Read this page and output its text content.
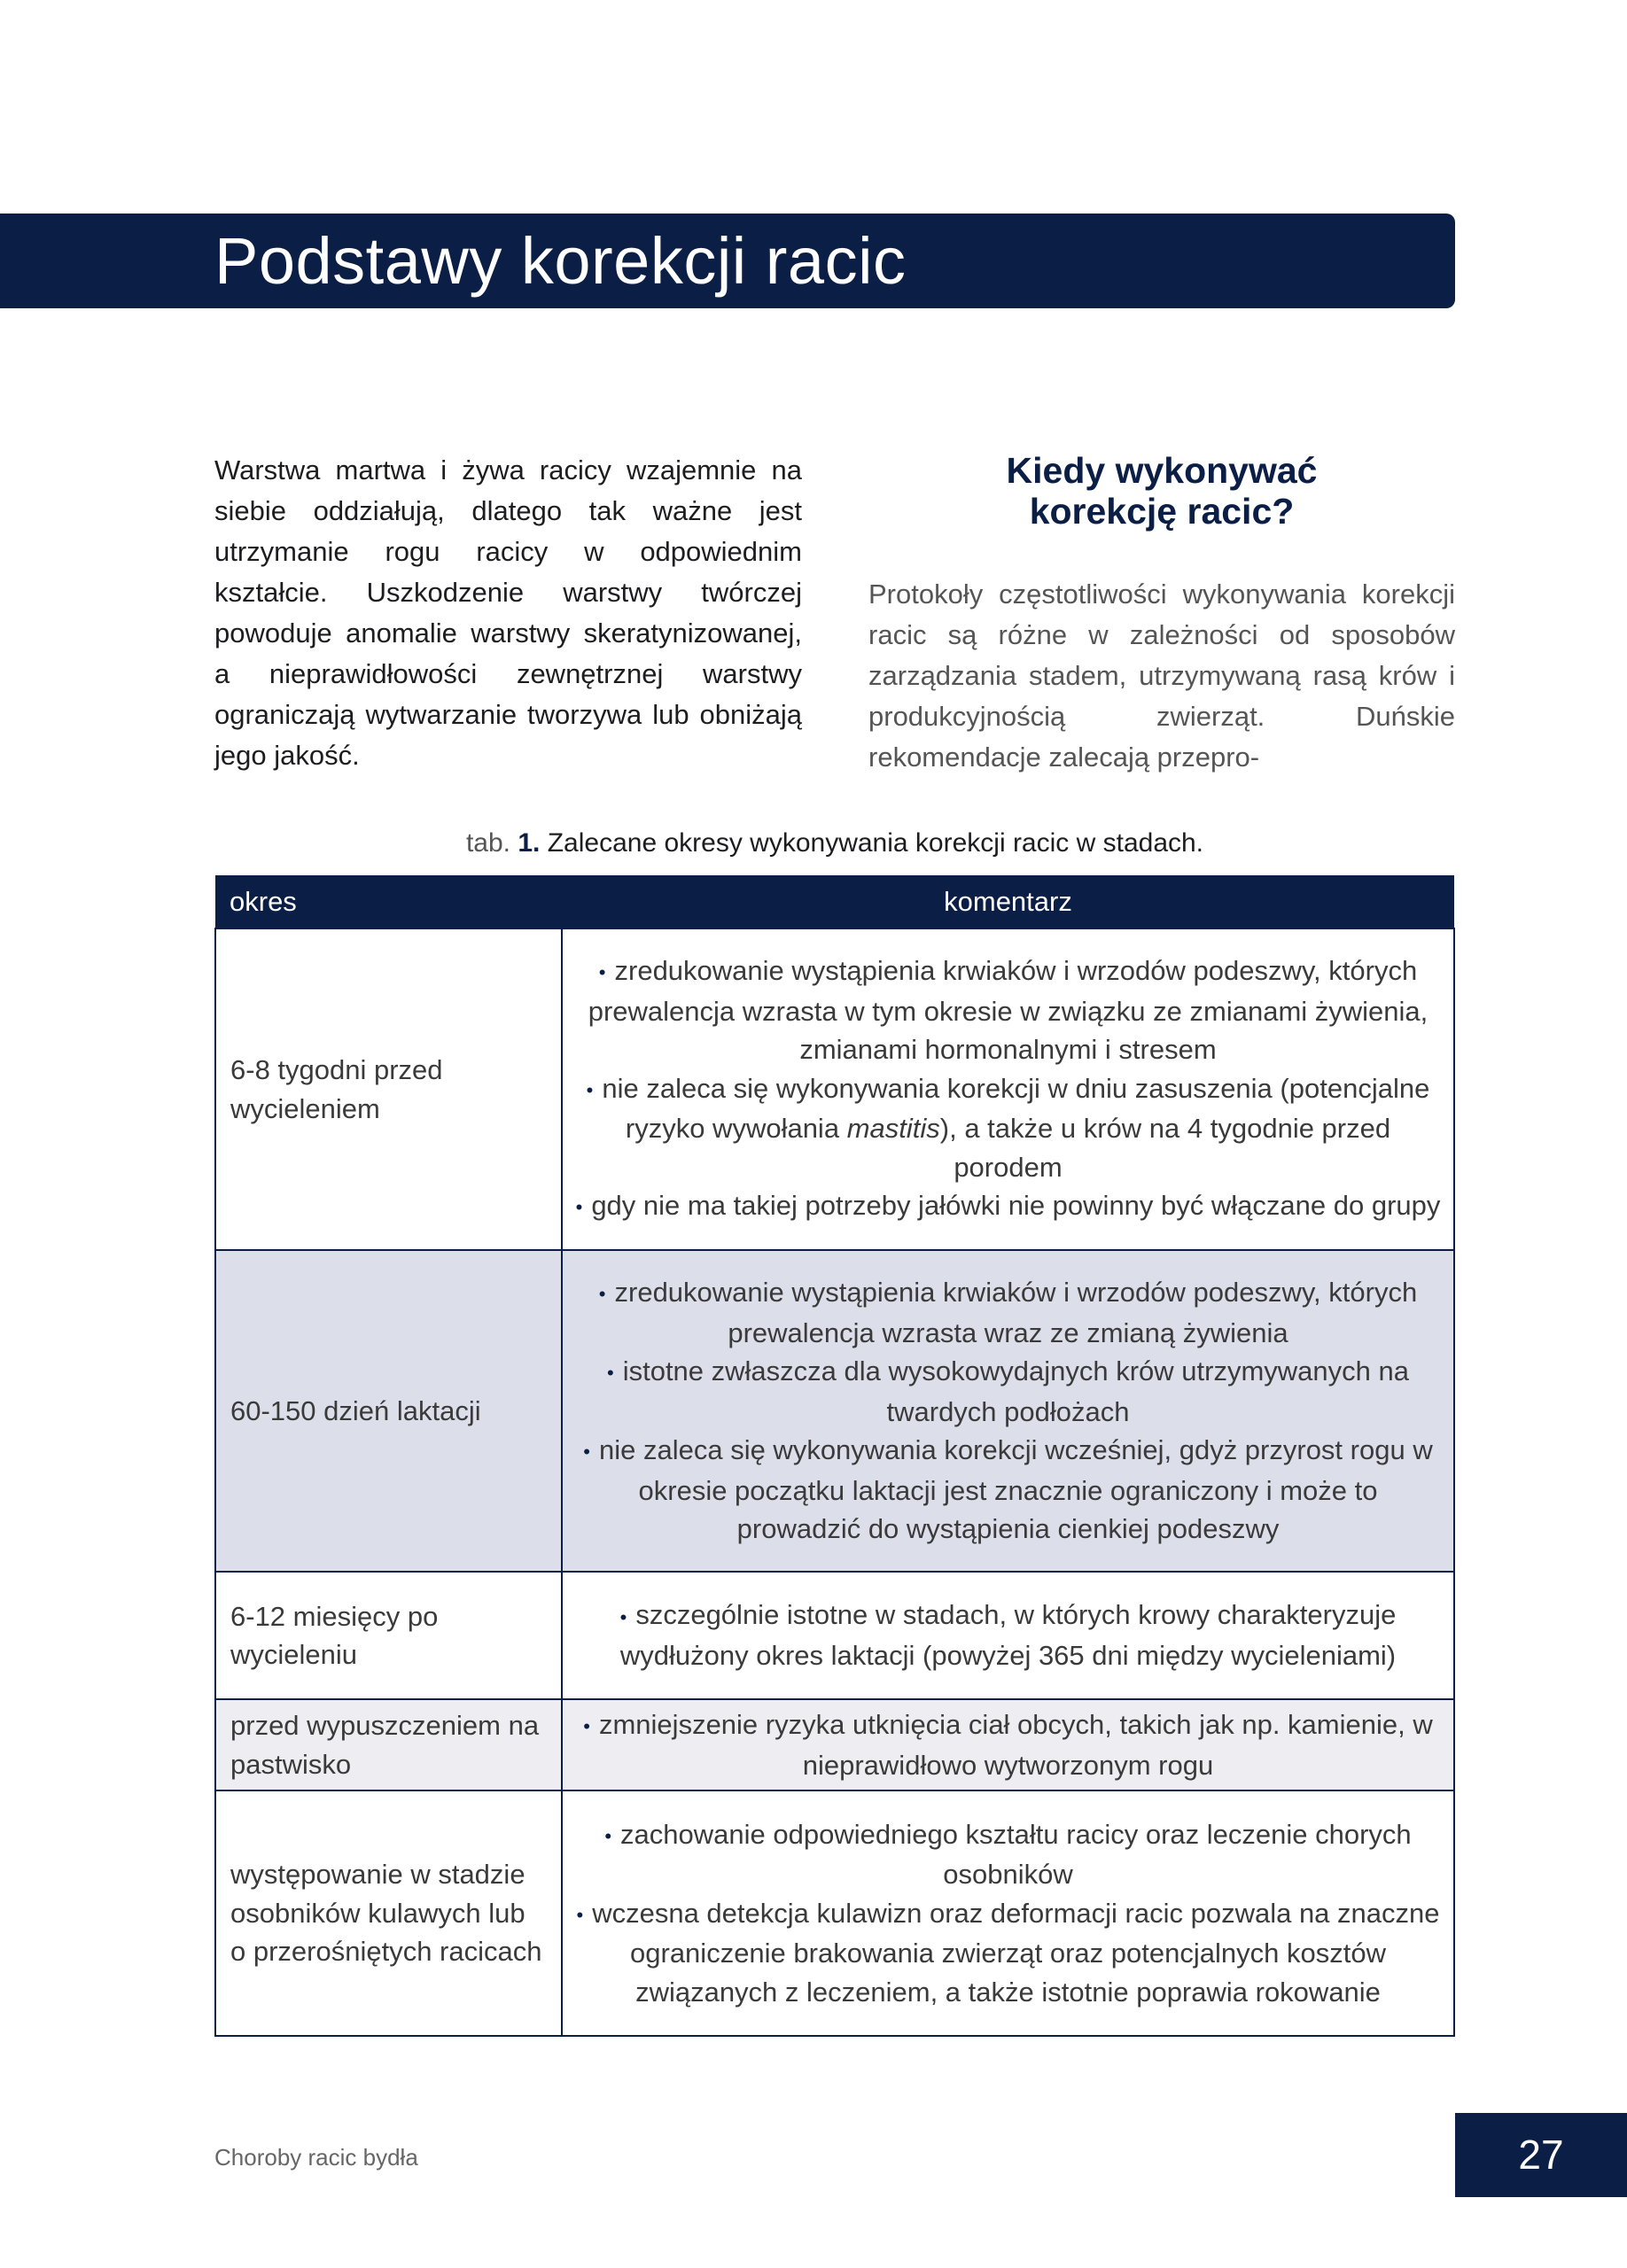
Podstawy korekcji racic

Warstwa martwa i żywa racicy wzajemnie na siebie oddziałują, dlatego tak ważne jest utrzymanie rogu racicy w odpowiednim kształcie. Uszkodzenie warstwy twórczej powoduje anomalie warstwy skeratynizowanej, a nieprawidłowości zewnętrznej warstwy ograniczają wytwarzanie tworzywa lub obniżają jego jakość.

Kiedy wykonywać
korekcję racic?

Protokoły częstotliwości wykonywania korekcji racic są różne w zależności od sposobów zarządzania stadem, utrzymywaną rasą krów i produkcyjnością zwierząt. Duńskie rekomendacje zalecają przepro-

tab. 1. Zalecane okresy wykonywania korekcji racic w stadach.
okres	komentarz
6-8 tygodni przed wycieleniem	• zredukowanie wystąpienia krwiaków i wrzodów podeszwy, których prewalencja wzrasta w tym okresie w związku ze zmianami żywienia, zmianami hormonalnymi i stresem
• nie zaleca się wykonywania korekcji w dniu zasuszenia (potencjalne ryzyko wywołania mastitis), a także u krów na 4 tygodnie przed porodem
• gdy nie ma takiej potrzeby jałówki nie powinny być włączane do grupy

60-150 dzień laktacji	• zredukowanie wystąpienia krwiaków i wrzodów podeszwy, których prewalencja wzrasta wraz ze zmianą żywienia
• istotne zwłaszcza dla wysokowydajnych krów utrzymywanych na twardych podłożach
• nie zaleca się wykonywania korekcji wcześniej, gdyż przyrost rogu w okresie początku laktacji jest znacznie ograniczony i może to prowadzić do wystąpienia cienkiej podeszwy

6-12 miesięcy po wycieleniu	• szczególnie istotne w stadach, w których krowy charakteryzuje wydłużony okres laktacji (powyżej 365 dni między wycieleniami)

przed wypuszczeniem na pastwisko	• zmniejszenie ryzyka utknięcia ciał obcych, takich jak np. kamienie, w nieprawidłowo wytworzonym rogu

występowanie w stadzie osobników kulawych lub o przerośniętych racicach	• zachowanie odpowiedniego kształtu racicy oraz leczenie chorych osobników
• wczesna detekcja kulawizn oraz deformacji racic pozwala na znaczne ograniczenie brakowania zwierząt oraz potencjalnych kosztów związanych z leczeniem, a także istotnie poprawia rokowanie
Choroby racic bydła	27
